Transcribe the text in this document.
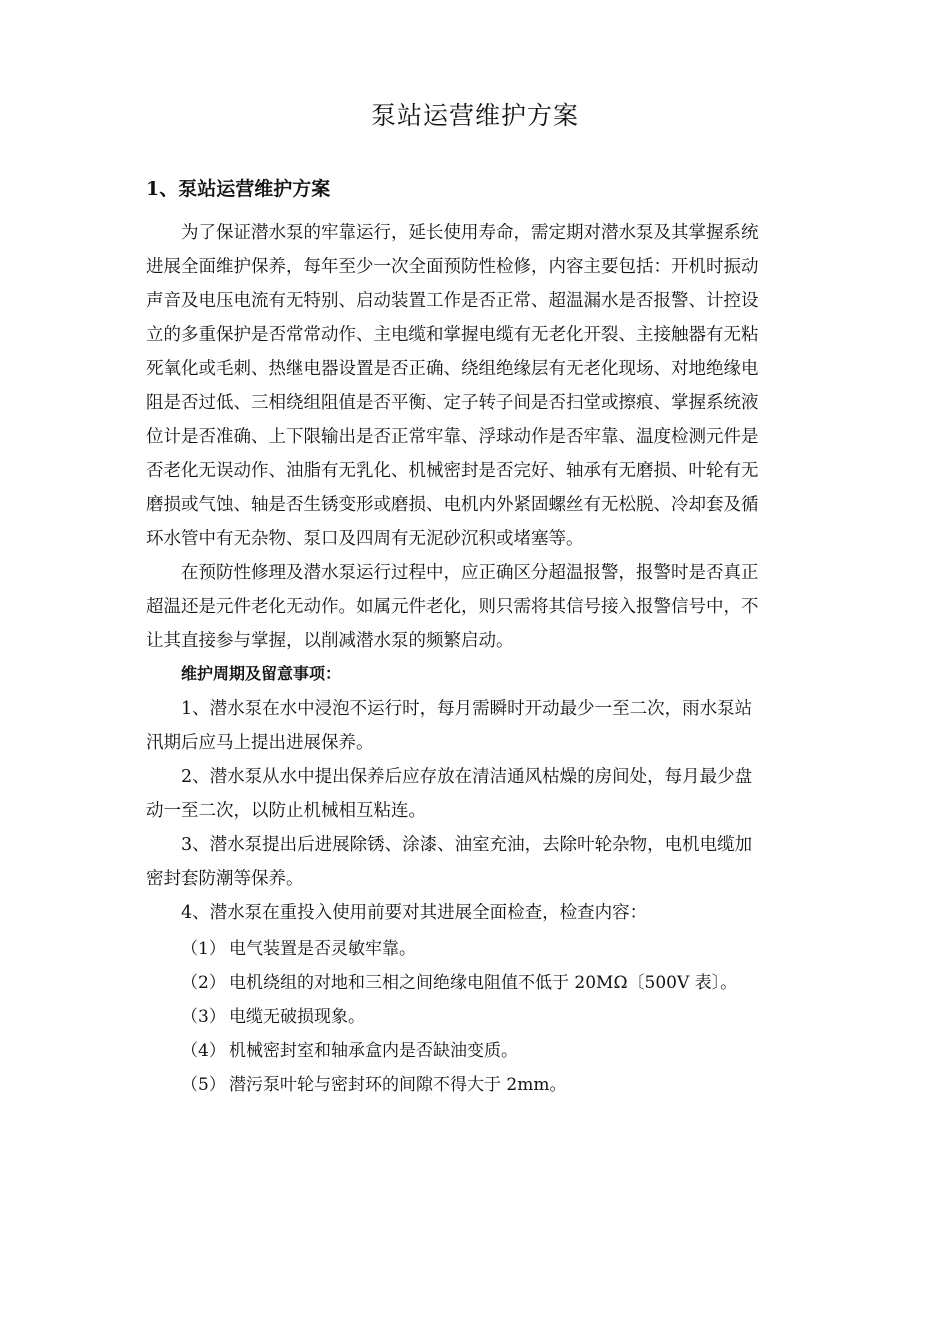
泵站运营维护方案
1、泵站运营维护方案
为了保证潜水泵的牢靠运行，延长使用寿命，需定期对潜水泵及其掌握系统
进展全面维护保养，每年至少一次全面预防性检修，内容主要包括：开机时振动
声音及电压电流有无特别、启动装置工作是否正常、超温漏水是否报警、计控设
立的多重保护是否常常动作、主电缆和掌握电缆有无老化开裂、主接触器有无粘
死氧化或毛刺、热继电器设置是否正确、绕组绝缘层有无老化现场、对地绝缘电
阻是否过低、三相绕组阻值是否平衡、定子转子间是否扫堂或擦痕、掌握系统液
位计是否准确、上下限输出是否正常牢靠、浮球动作是否牢靠、温度检测元件是
否老化无误动作、油脂有无乳化、机械密封是否完好、轴承有无磨损、叶轮有无
磨损或气蚀、轴是否生锈变形或磨损、电机内外紧固螺丝有无松脱、冷却套及循
环水管中有无杂物、泵口及四周有无泥砂沉积或堵塞等。
在预防性修理及潜水泵运行过程中，应正确区分超温报警，报警时是否真正
超温还是元件老化无动作。如属元件老化，则只需将其信号接入报警信号中，不
让其直接参与掌握，以削减潜水泵的频繁启动。
维护周期及留意事项：
1、潜水泵在水中浸泡不运行时，每月需瞬时开动最少一至二次，雨水泵站
汛期后应马上提出进展保养。
2、潜水泵从水中提出保养后应存放在清洁通风枯燥的房间处，每月最少盘
动一至二次，以防止机械相互粘连。
3、潜水泵提出后进展除锈、涂漆、油室充油，去除叶轮杂物，电机电缆加
密封套防潮等保养。
4、潜水泵在重投入使用前要对其进展全面检查，检查内容：
（1） 电气装置是否灵敏牢靠。
（2） 电机绕组的对地和三相之间绝缘电阻值不低于 20MΩ〔500V 表〕。
（3） 电缆无破损现象。
（4） 机械密封室和轴承盒内是否缺油变质。
（5） 潜污泵叶轮与密封环的间隙不得大于 2mm。
